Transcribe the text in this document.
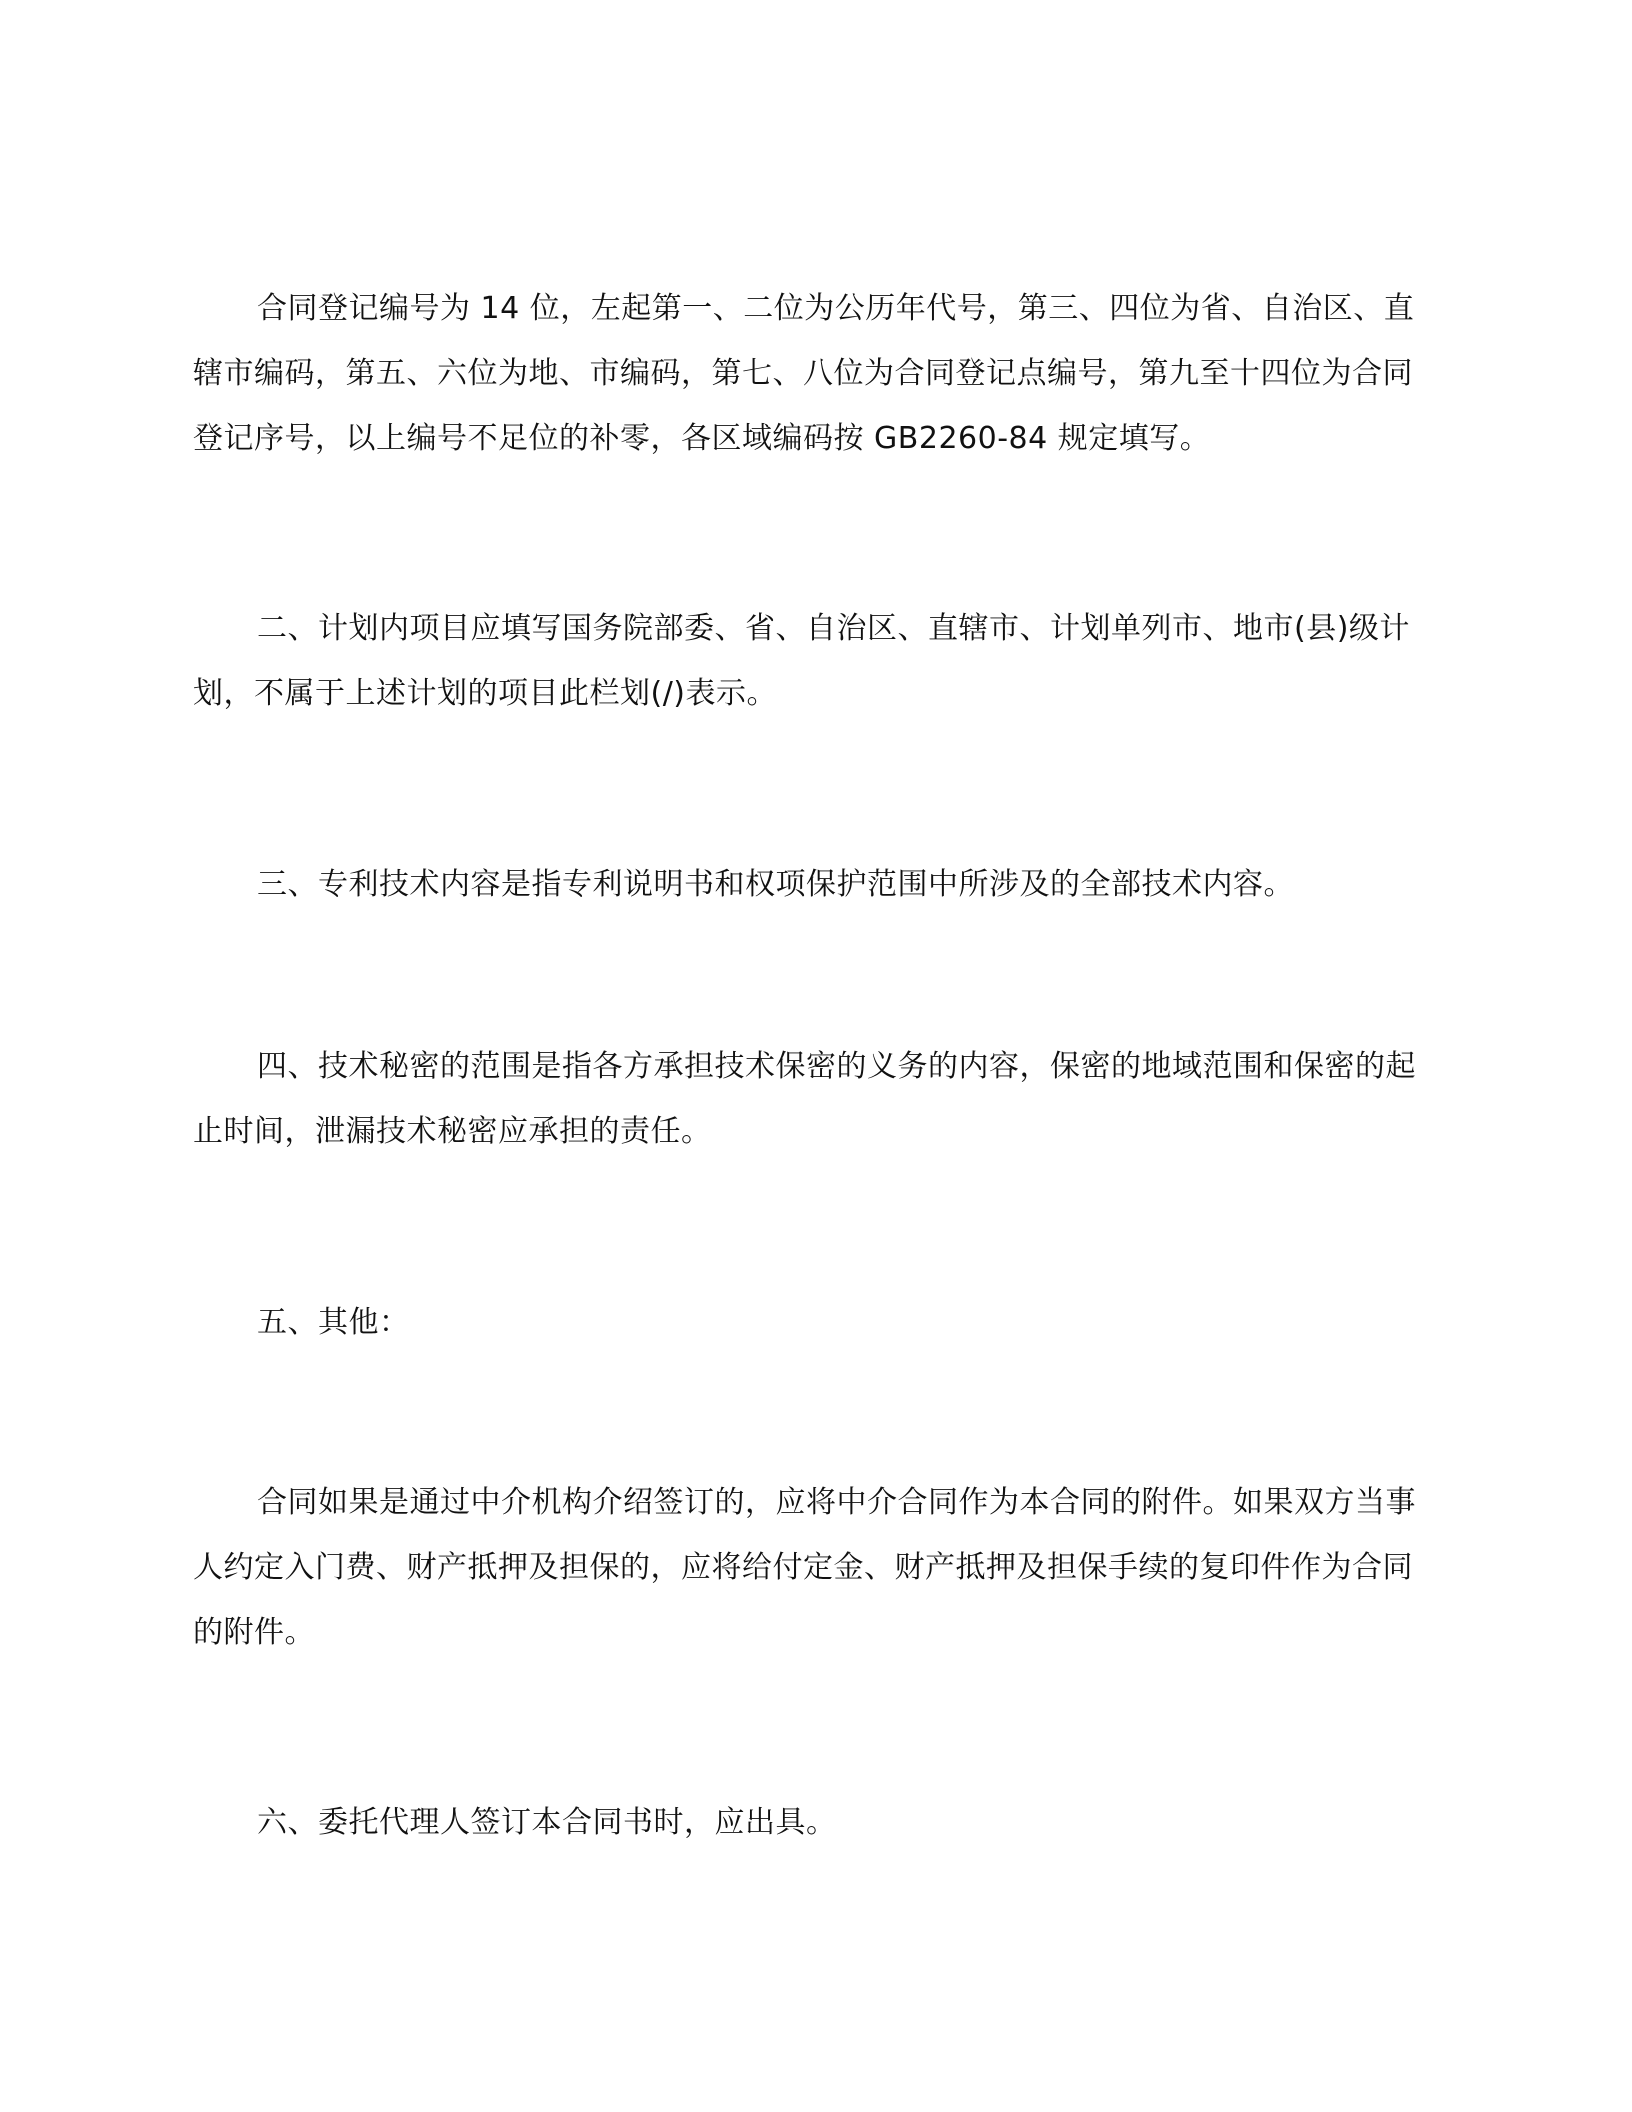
合同登记编号为 14 位，左起第一、二位为公历年代号，第三、四位为省、自治区、直辖市编码，第五、六位为地、市编码，第七、八位为合同登记点编号，第九至十四位为合同登记序号，以上编号不足位的补零，各区域编码按 GB2260-84 规定填写。

二、计划内项目应填写国务院部委、省、自治区、直辖市、计划单列市、地市(县)级计划，不属于上述计划的项目此栏划(/)表示。

三、专利技术内容是指专利说明书和权项保护范围中所涉及的全部技术内容。

四、技术秘密的范围是指各方承担技术保密的义务的内容，保密的地域范围和保密的起止时间，泄漏技术秘密应承担的责任。

五、其他：

合同如果是通过中介机构介绍签订的，应将中介合同作为本合同的附件。如果双方当事人约定入门费、财产抵押及担保的，应将给付定金、财产抵押及担保手续的复印件作为合同的附件。

六、委托代理人签订本合同书时，应出具。
